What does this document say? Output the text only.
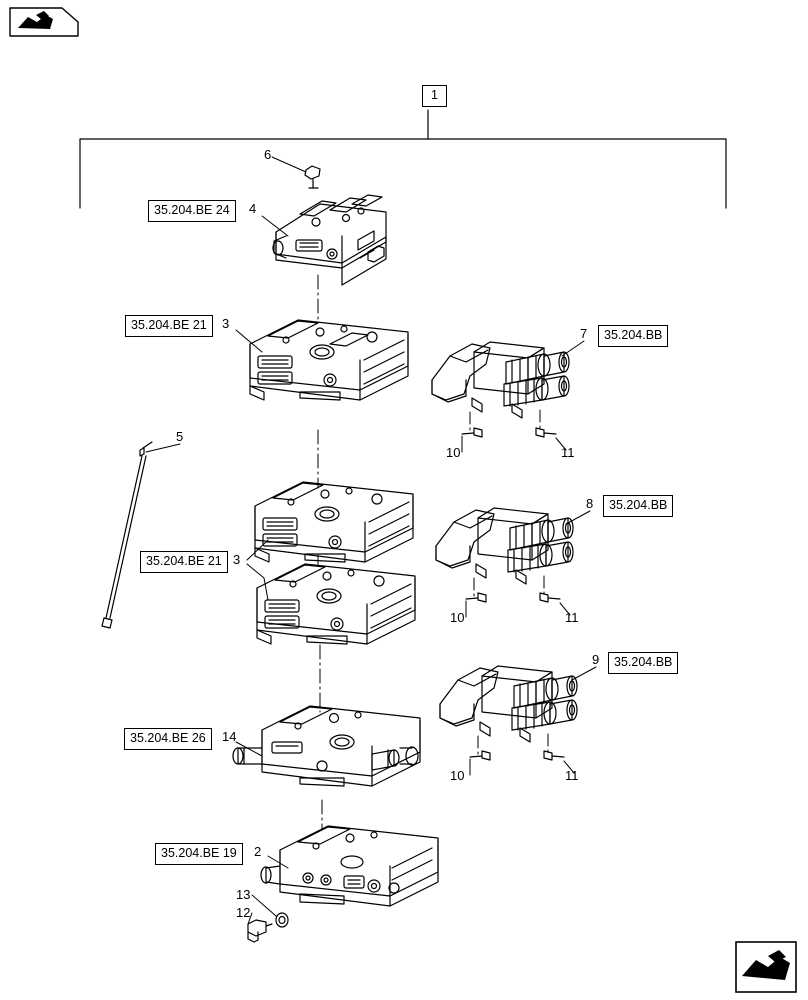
35.204.BE 24
35.204.BE 21
35.204.BB
35.204.BB
35.204.BE 21
35.204.BB
35.204.BE 26
35.204.BE 19
1
6
4
3
7
5
10	11
8
3
10	11
9
14
10	11
2
13
12
